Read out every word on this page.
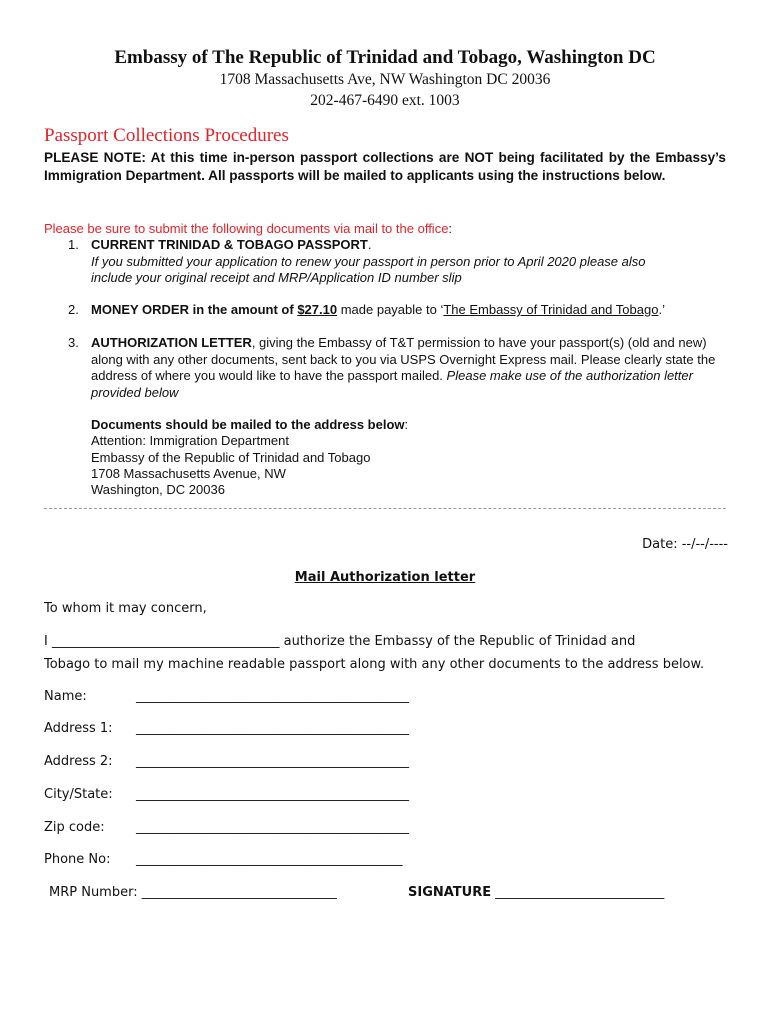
Embassy of The Republic of Trinidad and Tobago, Washington DC
1708 Massachusetts Ave, NW Washington DC 20036
202-467-6490 ext. 1003
Passport Collections Procedures
PLEASE NOTE: At this time in-person passport collections are NOT being facilitated by the Embassy’s Immigration Department. All passports will be mailed to applicants using the instructions below.
Please be sure to submit the following documents via mail to the office:
1. CURRENT TRINIDAD & TOBAGO PASSPORT.
If you submitted your application to renew your passport in person prior to April 2020 please also
include your original receipt and MRP/Application ID number slip
2. MONEY ORDER in the amount of $27.10 made payable to ‘The Embassy of Trinidad and Tobago.’
3. AUTHORIZATION LETTER, giving the Embassy of T&T permission to have your passport(s) (old and new) along with any other documents, sent back to you via USPS Overnight Express mail. Please clearly state the address of where you would like to have the passport mailed. Please make use of the authorization letter provided below
Documents should be mailed to the address below:
Attention: Immigration Department
Embassy of the Republic of Trinidad and Tobago
1708 Massachusetts Avenue, NW
Washington, DC 20036
Date: --/--/----
Mail Authorization letter
To whom it may concern,
I ___________________________________ authorize the Embassy of the Republic of Trinidad and
Tobago to mail my machine readable passport along with any other documents to the address below.
Name:	__________________________________________
Address 1: __________________________________________
Address 2: __________________________________________
City/State: __________________________________________
Zip code: __________________________________________
Phone No: _________________________________________
MRP Number: ______________________________	SIGNATURE __________________________
